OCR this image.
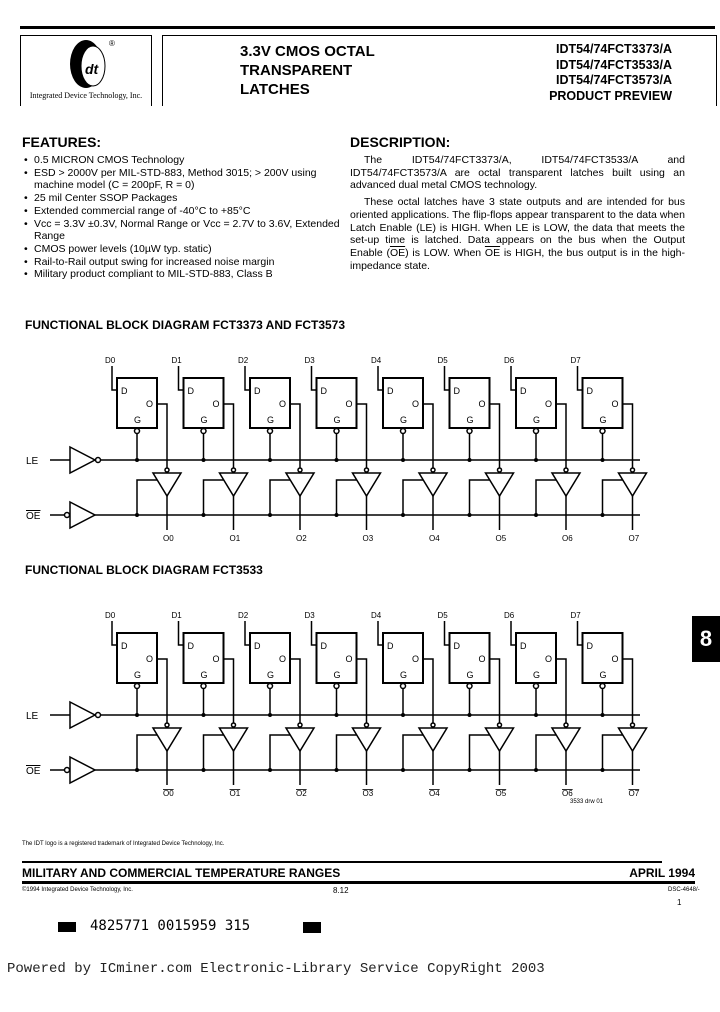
dt
®
Integrated Device Technology, Inc.
3.3V CMOS OCTAL
TRANSPARENT
LATCHES
IDT54/74FCT3373/A
IDT54/74FCT3533/A
IDT54/74FCT3573/A
PRODUCT PREVIEW
FEATURES:
• 0.5 MICRON CMOS Technology
• ESD > 2000V per MIL-STD-883, Method 3015; > 200V using machine model (C = 200pF, R = 0)
• 25 mil Center SSOP Packages
• Extended commercial range of -40°C to +85°C
• Vcc = 3.3V ±0.3V, Normal Range or Vcc = 2.7V to 3.6V, Extended Range
• CMOS power levels (10µW typ. static)
• Rail-to-Rail output swing for increased noise margin
• Military product compliant to MIL-STD-883, Class B
DESCRIPTION:

The IDT54/74FCT3373/A, IDT54/74FCT3533/A and IDT54/74FCT3573/A are octal transparent latches built using an advanced dual metal CMOS technology.

These octal latches have 3 state outputs and are intended for bus oriented applications. The flip-flops appear transparent to the data when Latch Enable (LE) is HIGH. When LE is LOW, the data that meets the set-up time is latched. Data appears on the bus when the Output Enable $(\overline{OE})$ is LOW. When $\overline{OE}$ is HIGH, the bus output is in the high-impedance state.

FUNCTIONAL BLOCK DIAGRAM FCT3373 AND FCT3573
LE
OE
D0
D
O
G
O0
D1
D
O
G
O1
D2
D
O
G
O2
D3
D
O
G
O3
D4
D
O
G
O4
D5
D
O
G
O5
D6
D
O
G
O6
D7
D
O
G
O7
FUNCTIONAL BLOCK DIAGRAM FCT3533
LE
OE
D0
D
O
G
O0
D1
D
O
G
O1
D2
D
O
G
O2
D3
D
O
G
O3
D4
D
O
G
O4
D5
D
O
G
O5
D6
D
O
G
O6
D7
D
O
G
O7
3533 drw 01
8
The IDT logo is a registered trademark of Integrated Device Technology, Inc.
MILITARY AND COMMERCIAL TEMPERATURE RANGES	APRIL 1994
©1994 Integrated Device Technology, Inc.	8.12	DSC-4648/-
1
4825771 0015959 315
Powered by ICminer.com Electronic-Library Service CopyRight 2003
